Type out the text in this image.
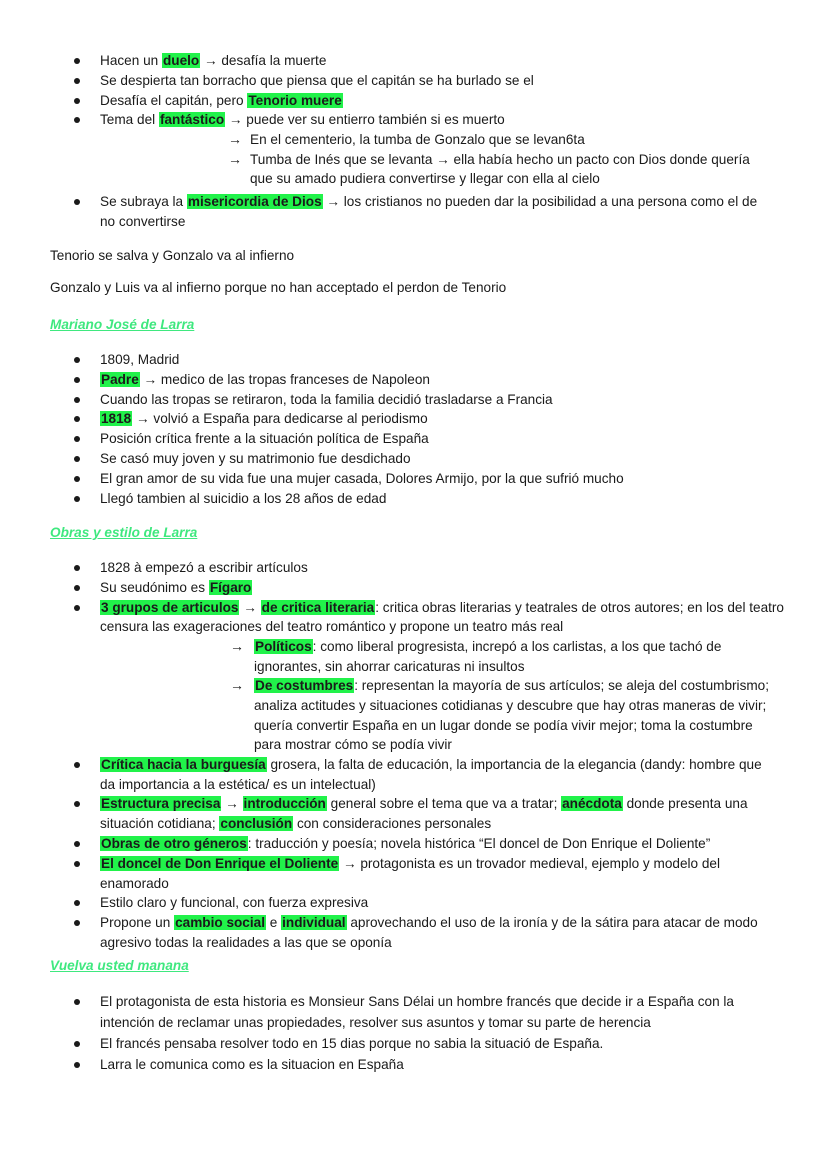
Hacen un duelo → desafía la muerte
Se despierta tan borracho que piensa que el capitán se ha burlado se el
Desafía el capitán, pero Tenorio muere
Tema del fantástico → puede ver su entierro también si es muerto
→ En el cementerio, la tumba de Gonzalo que se levan6ta
→ Tumba de Inés que se levanta → ella había hecho un pacto con Dios donde quería que su amado pudiera convertirse y llegar con ella al cielo
Se subraya la misericordia de Dios → los cristianos no pueden dar la posibilidad a una persona como el de no convertirse

Tenorio se salva y Gonzalo va al infierno

Gonzalo y Luis va al infierno porque no han acceptado el perdon de Tenorio

Mariano José de Larra
1809, Madrid
Padre → medico de las tropas franceses de Napoleon
Cuando las tropas se retiraron, toda la familia decidió trasladarse a Francia
1818 → volvió a España para dedicarse al periodismo
Posición crítica frente a la situación política de España
Se casó muy joven y su matrimonio fue desdichado
El gran amor de su vida fue una mujer casada, Dolores Armijo, por la que sufrió mucho
Llegó tambien al suicidio a los 28 años de edad
Obras y estilo de Larra
1828 à empezó a escribir artículos
Su seudónimo es Fígaro
3 grupos de articulos → de critica literaria: critica obras literarias y teatrales de otros autores; en los del teatro censura las exageraciones del teatro romántico y propone un teatro más real
→ Políticos: como liberal progresista, increpó a los carlistas, a los que tachó de ignorantes, sin ahorrar caricaturas ni insultos
→ De costumbres: representan la mayoría de sus artículos; se aleja del costumbrismo; analiza actitudes y situaciones cotidianas y descubre que hay otras maneras de vivir; quería convertir España en un lugar donde se podía vivir mejor; toma la costumbre para mostrar cómo se podía vivir
Crítica hacia la burguesía grosera, la falta de educación, la importancia de la elegancia (dandy: hombre que da importancia a la estética/ es un intelectual)
Estructura precisa → introducción general sobre el tema que va a tratar; anécdota donde presenta una situación cotidiana; conclusión con consideraciones personales
Obras de otro géneros: traducción y poesía; novela histórica “El doncel de Don Enrique el Doliente”
El doncel de Don Enrique el Doliente → protagonista es un trovador medieval, ejemplo y modelo del enamorado
Estilo claro y funcional, con fuerza expresiva
Propone un cambio social e individual aprovechando el uso de la ironía y de la sátira para atacar de modo agresivo todas la realidades a las que se oponía
Vuelva usted manana
El protagonista de esta historia es Monsieur Sans Délai un hombre francés que decide ir a España con la intención de reclamar unas propiedades, resolver sus asuntos y tomar su parte de herencia
El francés pensaba resolver todo en 15 dias porque no sabia la situació de España.
Larra le comunica como es la situacion en España
